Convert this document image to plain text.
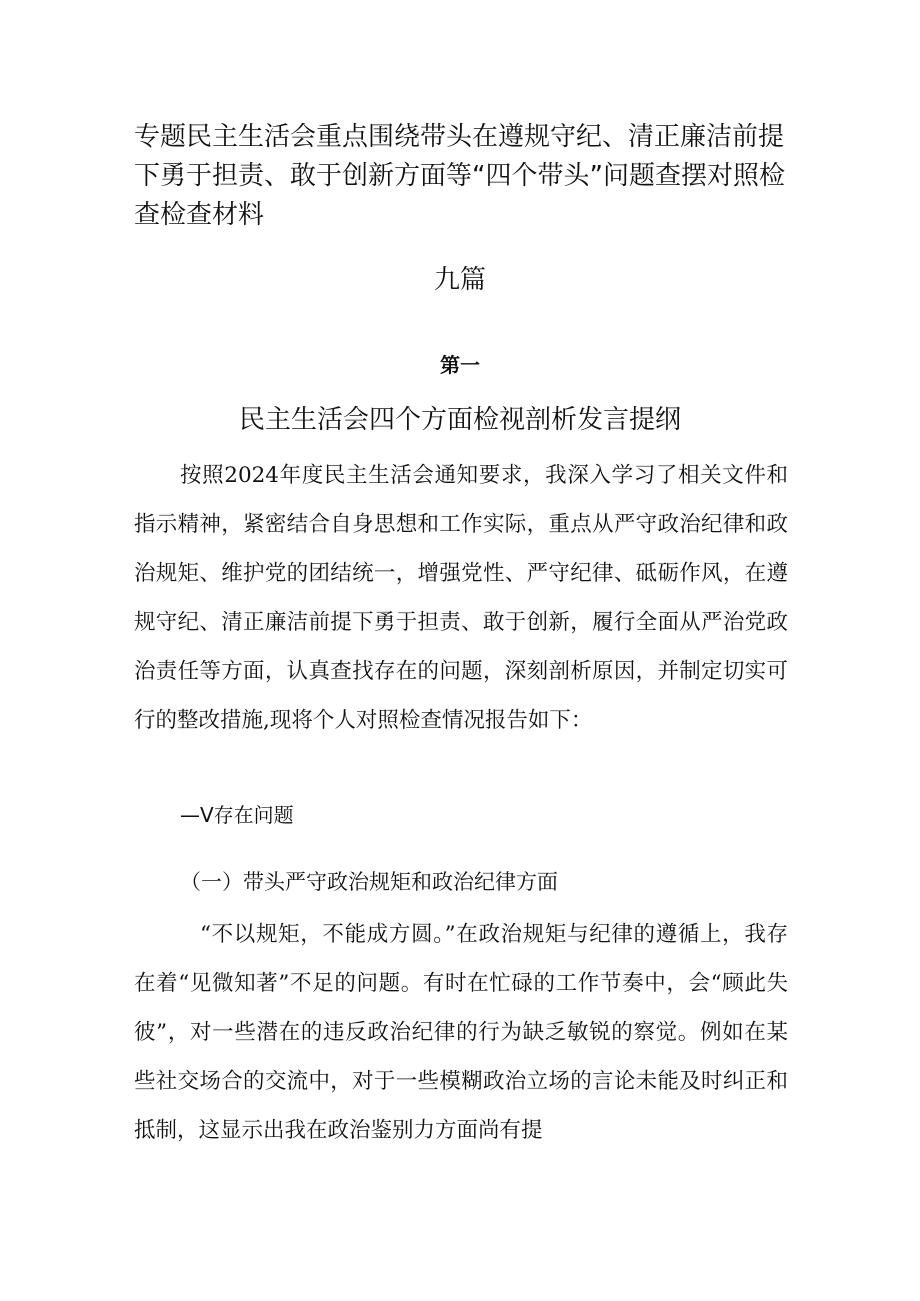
专题民主生活会重点围绕带头在遵规守纪、清正廉洁前提下勇于担责、敢于创新方面等“四个带头”问题查摆对照检查检查材料
九篇
第一
民主生活会四个方面检视剖析发言提纲

按照2024年度民主生活会通知要求，我深入学习了相关文件和指示精神，紧密结合自身思想和工作实际，重点从严守政治纪律和政治规矩、维护党的团结统一，增强党性、严守纪律、砥砺作风，在遵规守纪、清正廉洁前提下勇于担责、敢于创新，履行全面从严治党政治责任等方面，认真查找存在的问题，深刻剖析原因，并制定切实可行的整改措施,现将个人对照检查情况报告如下：

—V存在问题
（一）带头严守政治规矩和政治纪律方面

“不以规矩，不能成方圆。”在政治规矩与纪律的遵循上，我存在着“见微知著”不足的问题。有时在忙碌的工作节奏中，会“顾此失彼”，对一些潜在的违反政治纪律的行为缺乏敏锐的察觉。例如在某些社交场合的交流中，对于一些模糊政治立场的言论未能及时纠正和抵制，这显示出我在政治鉴别力方面尚有提
